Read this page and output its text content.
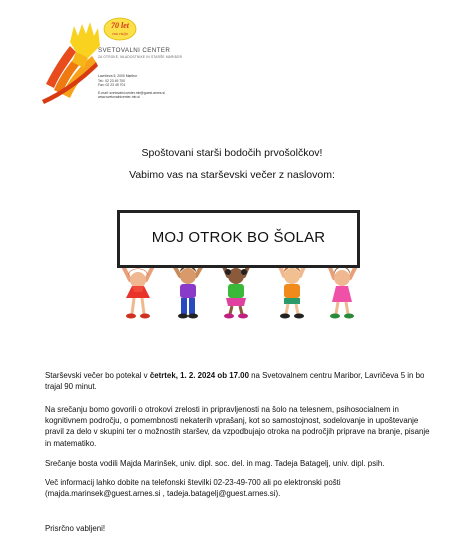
70 let
ena vizija
SVETOVALNI CENTER
ZA OTROKE, MLADOSTNIKE IN STARŠE MARIBOR
Lavričeva 5, 2000 Maribor
Tel.: 02 23 49 700
Fax: 02 23 49 701
E-mail: svetovalni.center.mb@guest.arnes.si
www.svetovalnicenter-mb.si
Spoštovani starši bodočih prvošolčkov!
Vabimo vas na starševski večer z naslovom:
MOJ OTROK BO ŠOLAR
Starševski večer bo potekal v četrtek, 1. 2. 2024 ob 17.00 na Svetovalnem centru Maribor, Lavričeva 5 in bo trajal 90 minut.
Na srečanju bomo govorili o otrokovi zrelosti in pripravljenosti na šolo na telesnem, psihosocialnem in kognitivnem področju, o pomembnosti nekaterih vprašanj, kot so samostojnost, sodelovanje in upoštevanje pravil za delo v skupini ter o možnostih staršev, da vzpodbujajo otroka na področjih priprave na branje, pisanje in matematiko.
Srečanje bosta vodili Majda Marinšek, univ. dipl. soc. del. in mag. Tadeja Batagelj, univ. dipl. psih.
Več informacij lahko dobite na telefonski številki 02-23-49-700 ali po elektronski pošti (majda.marinsek@guest.arnes.si , tadeja.batagelj@guest.arnes.si).
Prisrčno vabljeni!
